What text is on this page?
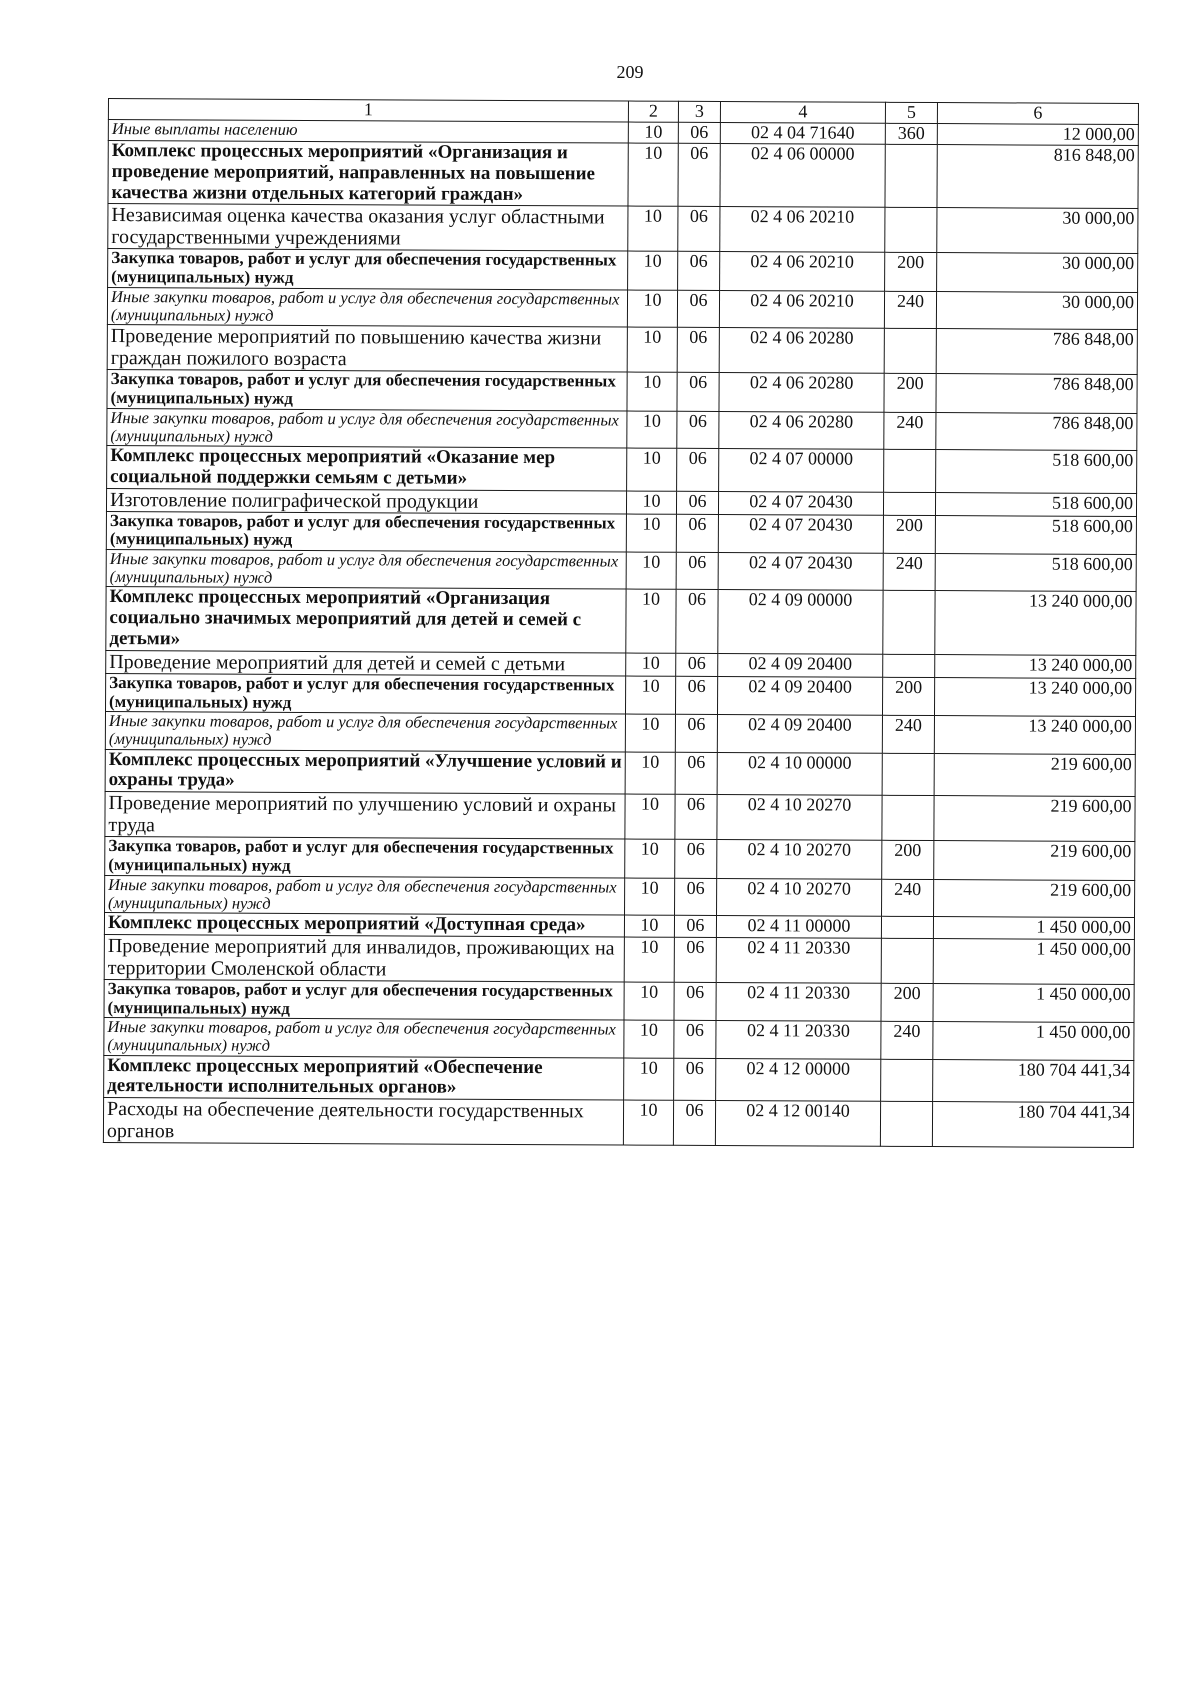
209
1	2	3	4	5	6
Иные выплаты населению	10	06	02 4 04 71640	360	12 000,00
Комплекс процессных мероприятий «Организация и проведение мероприятий, направленных на повышение качества жизни отдельных категорий граждан»	10	06	02 4 06 00000		816 848,00
Независимая оценка качества оказания услуг областными государственными учреждениями	10	06	02 4 06 20210		30 000,00
Закупка товаров, работ и услуг для обеспечения государственных (муниципальных) нужд	10	06	02 4 06 20210	200	30 000,00
Иные закупки товаров, работ и услуг для обеспечения государственных (муниципальных) нужд	10	06	02 4 06 20210	240	30 000,00
Проведение мероприятий по повышению качества жизни граждан пожилого возраста	10	06	02 4 06 20280		786 848,00
Закупка товаров, работ и услуг для обеспечения государственных (муниципальных) нужд	10	06	02 4 06 20280	200	786 848,00
Иные закупки товаров, работ и услуг для обеспечения государственных (муниципальных) нужд	10	06	02 4 06 20280	240	786 848,00
Комплекс процессных мероприятий «Оказание мер социальной поддержки семьям с детьми»	10	06	02 4 07 00000		518 600,00
Изготовление полиграфической продукции	10	06	02 4 07 20430		518 600,00
Закупка товаров, работ и услуг для обеспечения государственных (муниципальных) нужд	10	06	02 4 07 20430	200	518 600,00
Иные закупки товаров, работ и услуг для обеспечения государственных (муниципальных) нужд	10	06	02 4 07 20430	240	518 600,00
Комплекс процессных мероприятий «Организация социально значимых мероприятий для детей и семей с детьми»	10	06	02 4 09 00000		13 240 000,00
Проведение мероприятий для детей и семей с детьми	10	06	02 4 09 20400		13 240 000,00
Закупка товаров, работ и услуг для обеспечения государственных (муниципальных) нужд	10	06	02 4 09 20400	200	13 240 000,00
Иные закупки товаров, работ и услуг для обеспечения государственных (муниципальных) нужд	10	06	02 4 09 20400	240	13 240 000,00
Комплекс процессных мероприятий «Улучшение условий и охраны труда»	10	06	02 4 10 00000		219 600,00
Проведение мероприятий по улучшению условий и охраны труда	10	06	02 4 10 20270		219 600,00
Закупка товаров, работ и услуг для обеспечения государственных (муниципальных) нужд	10	06	02 4 10 20270	200	219 600,00
Иные закупки товаров, работ и услуг для обеспечения государственных (муниципальных) нужд	10	06	02 4 10 20270	240	219 600,00
Комплекс процессных мероприятий «Доступная среда»	10	06	02 4 11 00000		1 450 000,00
Проведение мероприятий для инвалидов, проживающих на территории Смоленской области	10	06	02 4 11 20330		1 450 000,00
Закупка товаров, работ и услуг для обеспечения государственных (муниципальных) нужд	10	06	02 4 11 20330	200	1 450 000,00
Иные закупки товаров, работ и услуг для обеспечения государственных (муниципальных) нужд	10	06	02 4 11 20330	240	1 450 000,00
Комплекс процессных мероприятий «Обеспечение деятельности исполнительных органов»	10	06	02 4 12 00000		180 704 441,34
Расходы на обеспечение деятельности государственных органов	10	06	02 4 12 00140		180 704 441,34
